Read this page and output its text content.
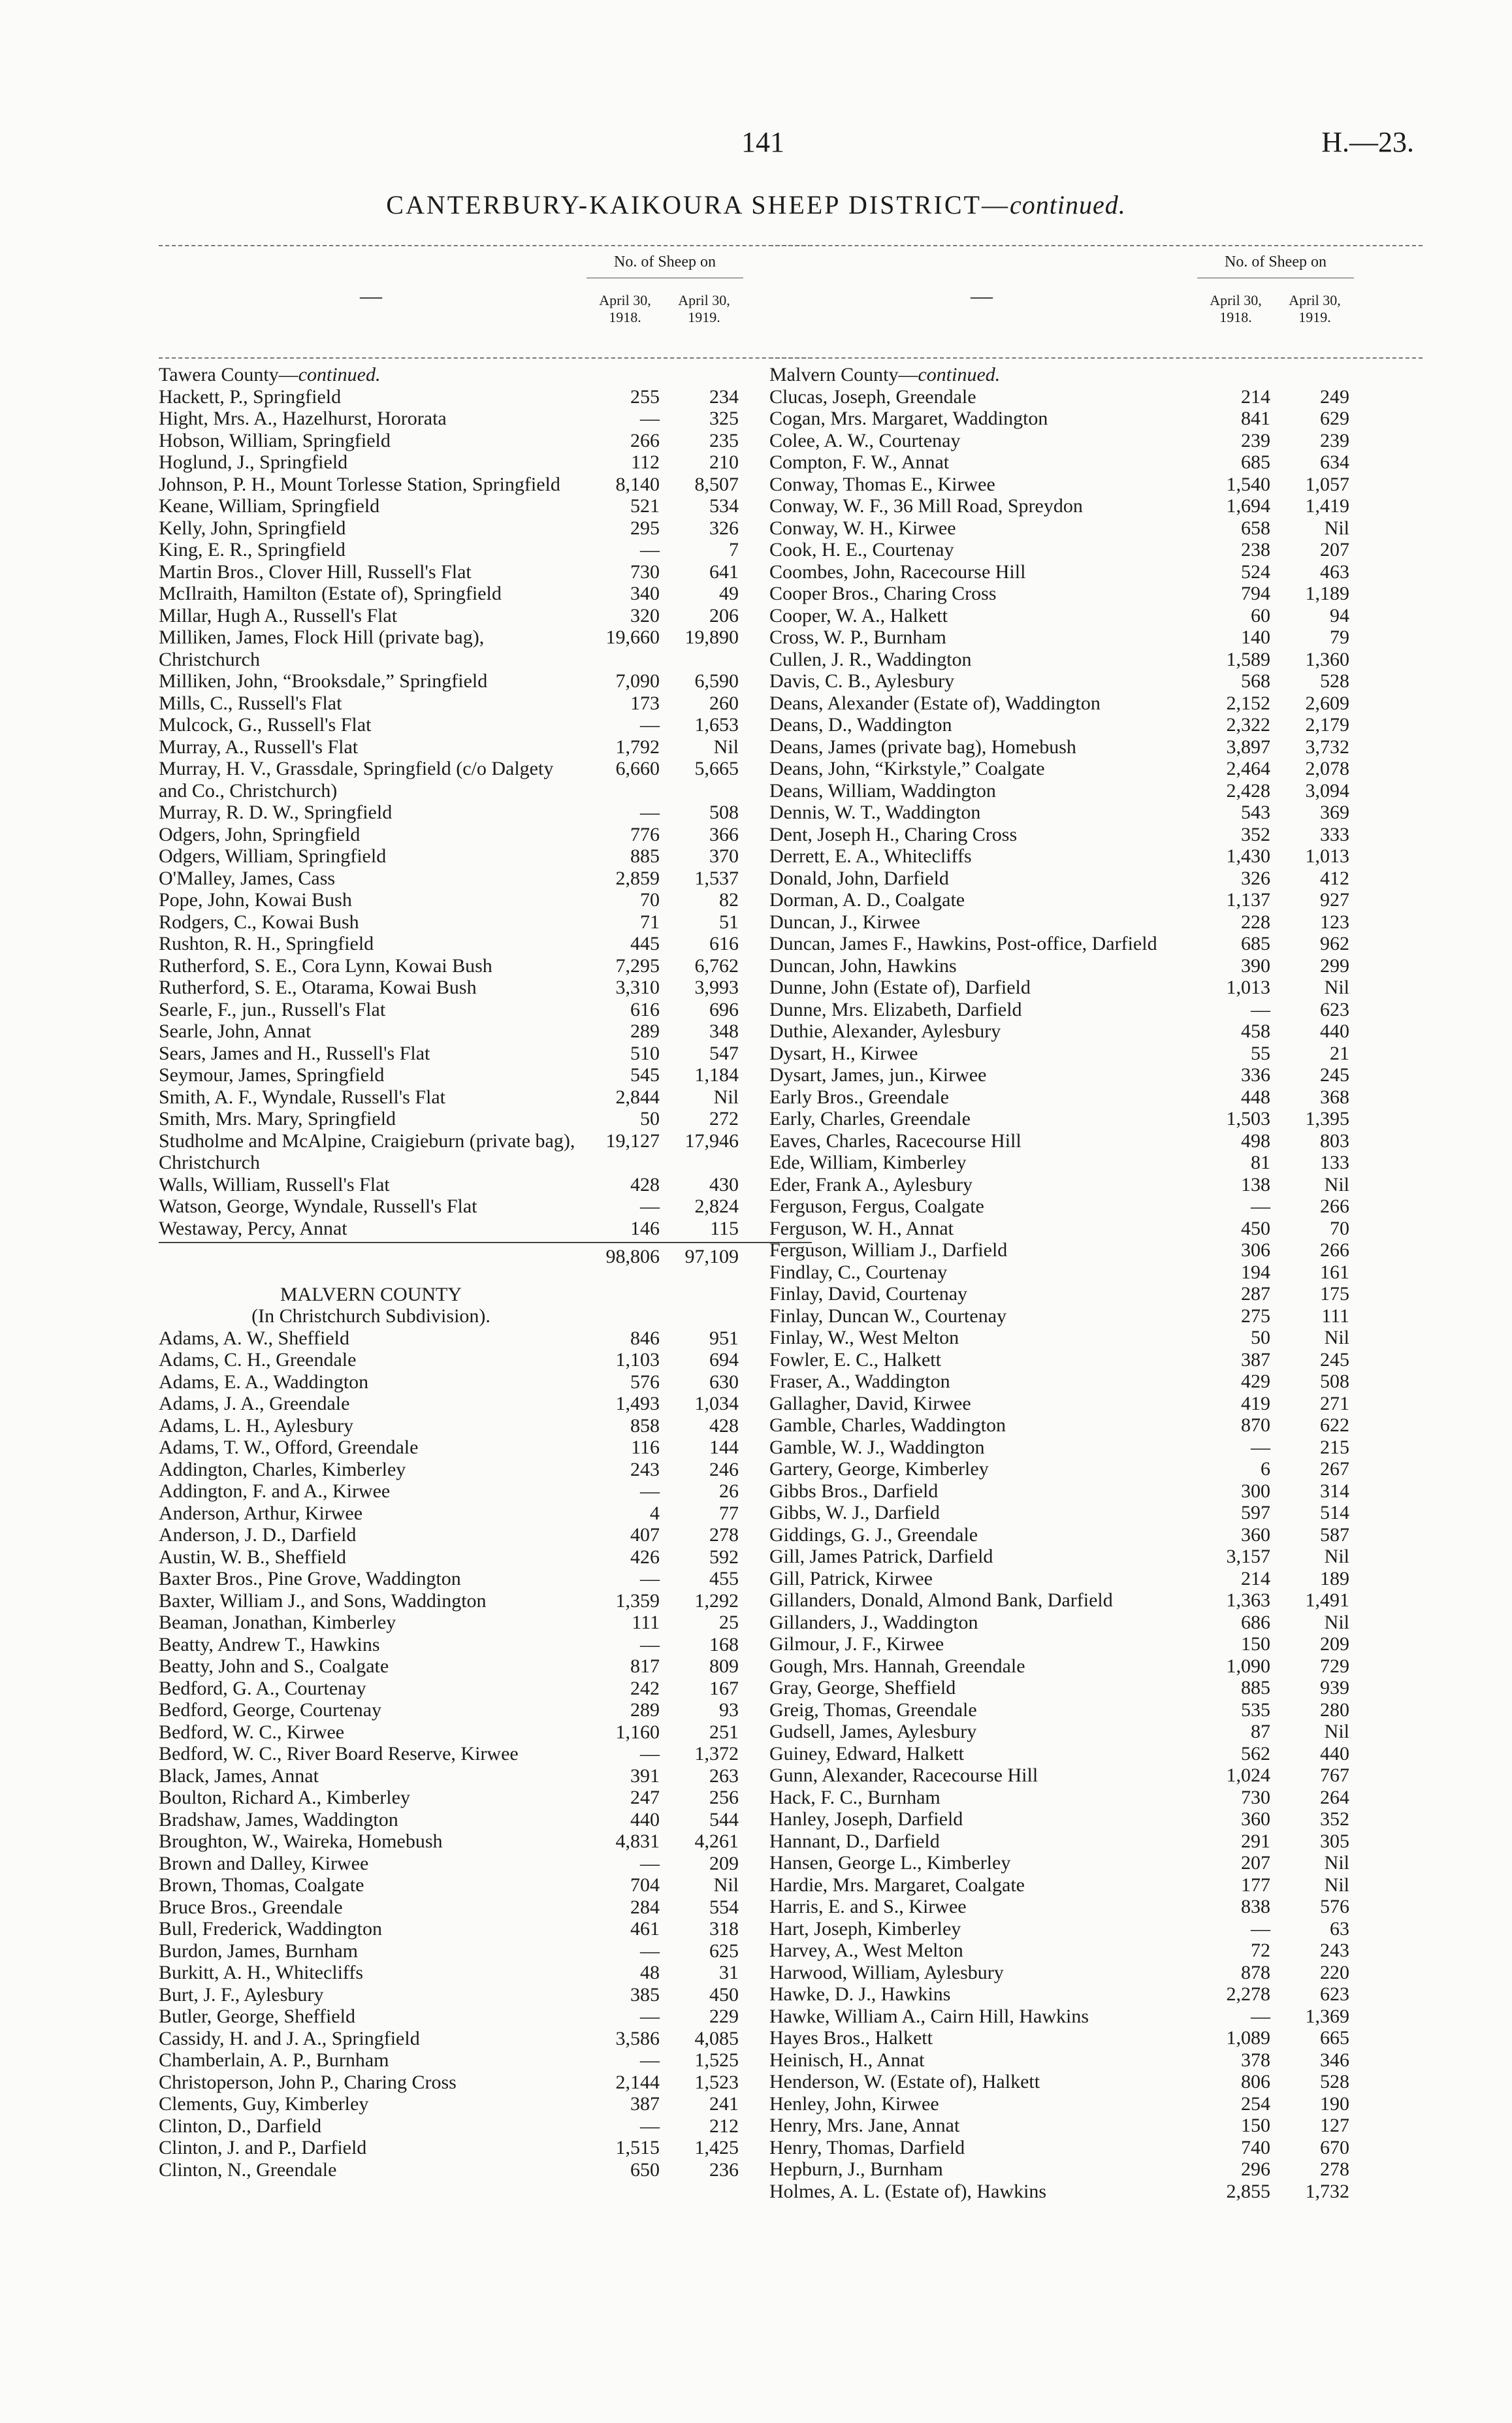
141	H.—23.
CANTERBURY-KAIKOURA SHEEP DISTRICT—continued.
—
No. of Sheep on
April 30, 1918.
April 30, 1919.
Tawera County—continued.
Hackett, P., Springfield	255	234
Hight, Mrs. A., Hazelhurst, Hororata	—	325
Hobson, William, Springfield	266	235
Hoglund, J., Springfield	112	210
Johnson, P. H., Mount Torlesse Station, Springfield	8,140	8,507
Keane, William, Springfield	521	534
Kelly, John, Springfield	295	326
King, E. R., Springfield	—	7
Martin Bros., Clover Hill, Russell's Flat	730	641
McIlraith, Hamilton (Estate of), Springfield	340	49
Millar, Hugh A., Russell's Flat	320	206
Milliken, James, Flock Hill (private bag), Christchurch
19,660	19,890
Milliken, John, “Brooksdale,” Springfield	7,090	6,590
Mills, C., Russell's Flat	173	260
Mulcock, G., Russell's Flat	—	1,653
Murray, A., Russell's Flat	1,792	Nil
Murray, H. V., Grassdale, Springfield (c/o Dalgety and Co., Christchurch)
6,660	5,665
Murray, R. D. W., Springfield	—	508
Odgers, John, Springfield	776	366
Odgers, William, Springfield	885	370
O'Malley, James, Cass	2,859	1,537
Pope, John, Kowai Bush	70	82
Rodgers, C., Kowai Bush	71	51
Rushton, R. H., Springfield	445	616
Rutherford, S. E., Cora Lynn, Kowai Bush	7,295	6,762
Rutherford, S. E., Otarama, Kowai Bush	3,310	3,993
Searle, F., jun., Russell's Flat	616	696
Searle, John, Annat	289	348
Sears, James and H., Russell's Flat	510	547
Seymour, James, Springfield	545	1,184
Smith, A. F., Wyndale, Russell's Flat	2,844	Nil
Smith, Mrs. Mary, Springfield	50	272
Studholme and McAlpine, Craigieburn (private bag), Christchurch
19,127	17,946
Walls, William, Russell's Flat	428	430
Watson, George, Wyndale, Russell's Flat	—	2,824
Westaway, Percy, Annat	146	115
98,806	97,109
MALVERN COUNTY
(In Christchurch Subdivision).
Adams, A. W., Sheffield	846	951
Adams, C. H., Greendale	1,103	694
Adams, E. A., Waddington	576	630
Adams, J. A., Greendale	1,493	1,034
Adams, L. H., Aylesbury	858	428
Adams, T. W., Offord, Greendale	116	144
Addington, Charles, Kimberley	243	246
Addington, F. and A., Kirwee	—	26
Anderson, Arthur, Kirwee	4	77
Anderson, J. D., Darfield	407	278
Austin, W. B., Sheffield	426	592
Baxter Bros., Pine Grove, Waddington	—	455
Baxter, William J., and Sons, Waddington	1,359	1,292
Beaman, Jonathan, Kimberley	111	25
Beatty, Andrew T., Hawkins	—	168
Beatty, John and S., Coalgate	817	809
Bedford, G. A., Courtenay	242	167
Bedford, George, Courtenay	289	93
Bedford, W. C., Kirwee	1,160	251
Bedford, W. C., River Board Reserve, Kirwee	—	1,372
Black, James, Annat	391	263
Boulton, Richard A., Kimberley	247	256
Bradshaw, James, Waddington	440	544
Broughton, W., Waireka, Homebush	4,831	4,261
Brown and Dalley, Kirwee	—	209
Brown, Thomas, Coalgate	704	Nil
Bruce Bros., Greendale	284	554
Bull, Frederick, Waddington	461	318
Burdon, James, Burnham	—	625
Burkitt, A. H., Whitecliffs	48	31
Burt, J. F., Aylesbury	385	450
Butler, George, Sheffield	—	229
Cassidy, H. and J. A., Springfield	3,586	4,085
Chamberlain, A. P., Burnham	—	1,525
Christoperson, John P., Charing Cross	2,144	1,523
Clements, Guy, Kimberley	387	241
Clinton, D., Darfield	—	212
Clinton, J. and P., Darfield	1,515	1,425
Clinton, N., Greendale	650	236
—
No. of Sheep on
April 30, 1918.
April 30, 1919.
Malvern County—continued.
Clucas, Joseph, Greendale	214	249
Cogan, Mrs. Margaret, Waddington	841	629
Colee, A. W., Courtenay	239	239
Compton, F. W., Annat	685	634
Conway, Thomas E., Kirwee	1,540	1,057
Conway, W. F., 36 Mill Road, Spreydon	1,694	1,419
Conway, W. H., Kirwee	658	Nil
Cook, H. E., Courtenay	238	207
Coombes, John, Racecourse Hill	524	463
Cooper Bros., Charing Cross	794	1,189
Cooper, W. A., Halkett	60	94
Cross, W. P., Burnham	140	79
Cullen, J. R., Waddington	1,589	1,360
Davis, C. B., Aylesbury	568	528
Deans, Alexander (Estate of), Waddington	2,152	2,609
Deans, D., Waddington	2,322	2,179
Deans, James (private bag), Homebush	3,897	3,732
Deans, John, “Kirkstyle,” Coalgate	2,464	2,078
Deans, William, Waddington	2,428	3,094
Dennis, W. T., Waddington	543	369
Dent, Joseph H., Charing Cross	352	333
Derrett, E. A., Whitecliffs	1,430	1,013
Donald, John, Darfield	326	412
Dorman, A. D., Coalgate	1,137	927
Duncan, J., Kirwee	228	123
Duncan, James F., Hawkins, Post-office, Darfield	685	962
Duncan, John, Hawkins	390	299
Dunne, John (Estate of), Darfield	1,013	Nil
Dunne, Mrs. Elizabeth, Darfield	—	623
Duthie, Alexander, Aylesbury	458	440
Dysart, H., Kirwee	55	21
Dysart, James, jun., Kirwee	336	245
Early Bros., Greendale	448	368
Early, Charles, Greendale	1,503	1,395
Eaves, Charles, Racecourse Hill	498	803
Ede, William, Kimberley	81	133
Eder, Frank A., Aylesbury	138	Nil
Ferguson, Fergus, Coalgate	—	266
Ferguson, W. H., Annat	450	70
Ferguson, William J., Darfield	306	266
Findlay, C., Courtenay	194	161
Finlay, David, Courtenay	287	175
Finlay, Duncan W., Courtenay	275	111
Finlay, W., West Melton	50	Nil
Fowler, E. C., Halkett	387	245
Fraser, A., Waddington	429	508
Gallagher, David, Kirwee	419	271
Gamble, Charles, Waddington	870	622
Gamble, W. J., Waddington	—	215
Gartery, George, Kimberley	6	267
Gibbs Bros., Darfield	300	314
Gibbs, W. J., Darfield	597	514
Giddings, G. J., Greendale	360	587
Gill, James Patrick, Darfield	3,157	Nil
Gill, Patrick, Kirwee	214	189
Gillanders, Donald, Almond Bank, Darfield	1,363	1,491
Gillanders, J., Waddington	686	Nil
Gilmour, J. F., Kirwee	150	209
Gough, Mrs. Hannah, Greendale	1,090	729
Gray, George, Sheffield	885	939
Greig, Thomas, Greendale	535	280
Gudsell, James, Aylesbury	87	Nil
Guiney, Edward, Halkett	562	440
Gunn, Alexander, Racecourse Hill	1,024	767
Hack, F. C., Burnham	730	264
Hanley, Joseph, Darfield	360	352
Hannant, D., Darfield	291	305
Hansen, George L., Kimberley	207	Nil
Hardie, Mrs. Margaret, Coalgate	177	Nil
Harris, E. and S., Kirwee	838	576
Hart, Joseph, Kimberley	—	63
Harvey, A., West Melton	72	243
Harwood, William, Aylesbury	878	220
Hawke, D. J., Hawkins	2,278	623
Hawke, William A., Cairn Hill, Hawkins	—	1,369
Hayes Bros., Halkett	1,089	665
Heinisch, H., Annat	378	346
Henderson, W. (Estate of), Halkett	806	528
Henley, John, Kirwee	254	190
Henry, Mrs. Jane, Annat	150	127
Henry, Thomas, Darfield	740	670
Hepburn, J., Burnham	296	278
Holmes, A. L. (Estate of), Hawkins	2,855	1,732
